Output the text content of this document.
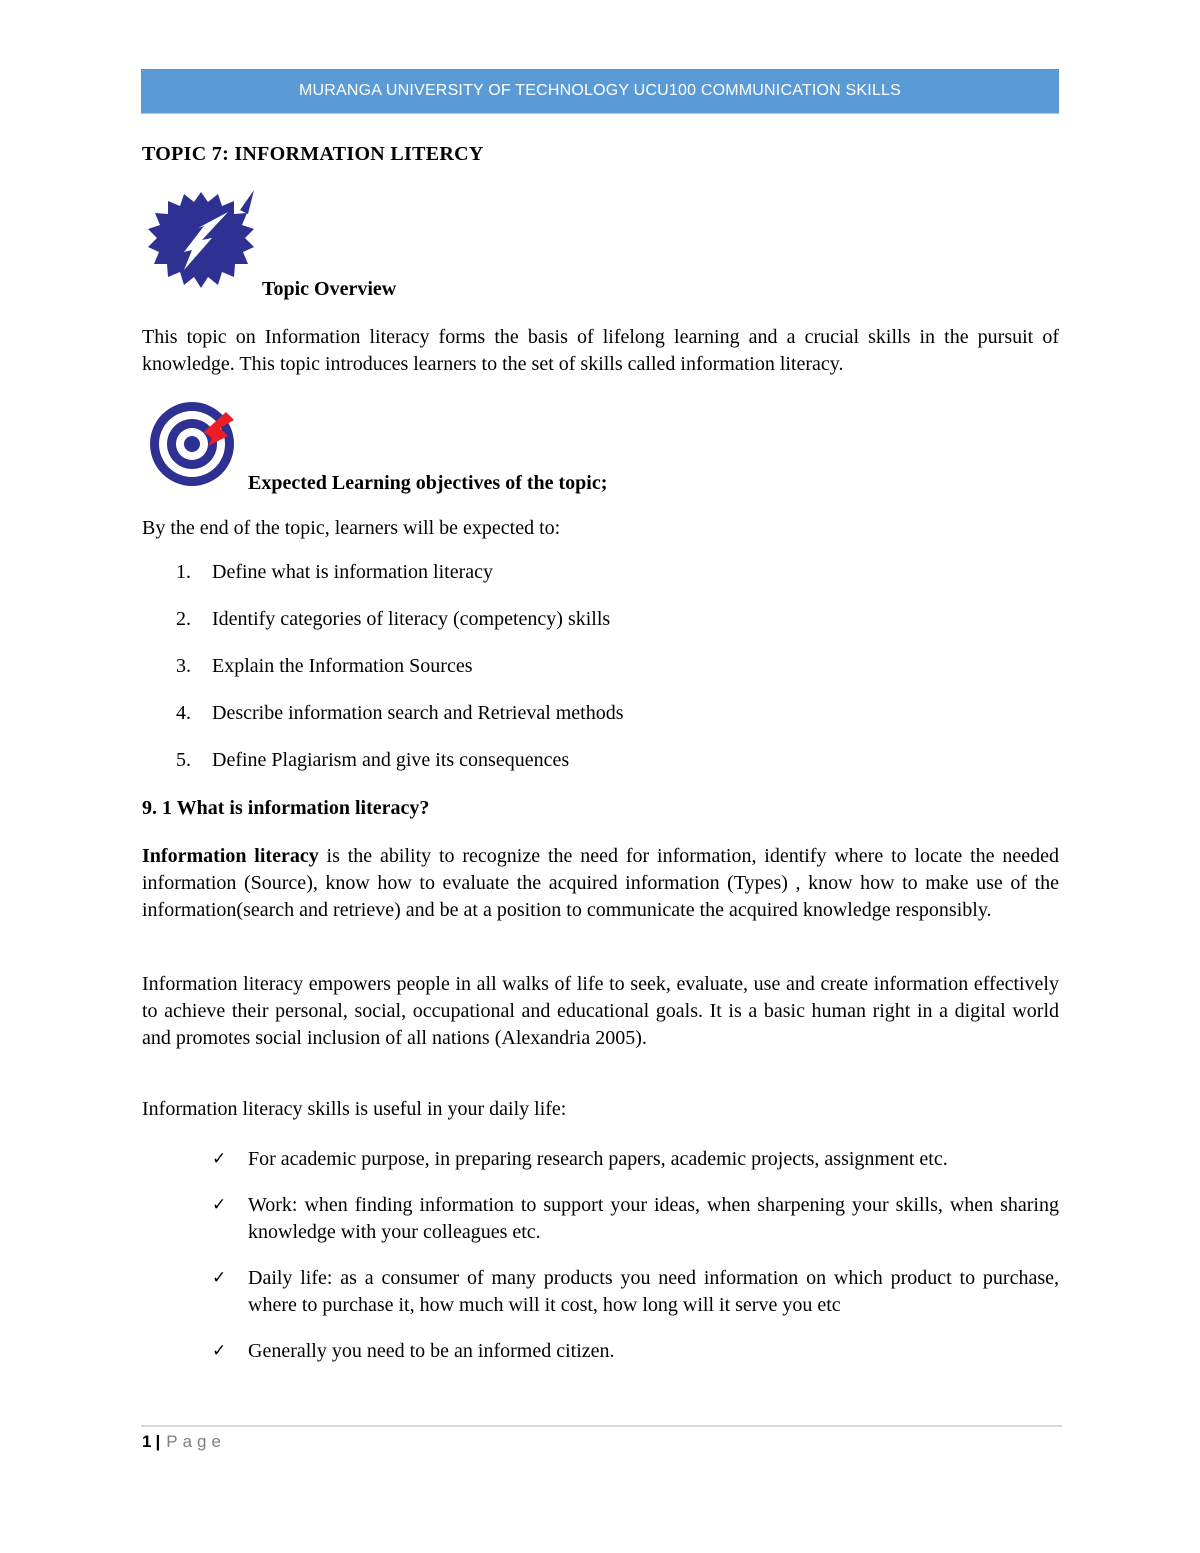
MURANGA UNIVERSITY OF TECHNOLOGY UCU100 COMMUNICATION SKILLS
TOPIC 7: INFORMATION LITERCY
Topic Overview
This topic on Information literacy forms the basis of lifelong learning and a crucial skills in the pursuit of knowledge. This topic introduces learners to the set of skills called information literacy.
Expected Learning objectives of the topic;
By the end of the topic, learners will be expected to:
1.	Define what is information literacy
2.	Identify categories of literacy (competency) skills
3.	Explain the Information Sources
4.	Describe information search and Retrieval methods
5.	Define Plagiarism and give its consequences
9. 1 What is information literacy?
Information literacy is the ability to recognize the need for information, identify where to locate the needed information (Source), know how to evaluate the acquired information (Types) , know how to make use of the information(search and retrieve) and be at a position to communicate the acquired knowledge responsibly.
Information literacy empowers people in all walks of life to seek, evaluate, use and create information effectively to achieve their personal, social, occupational and educational goals. It is a basic human right in a digital world and promotes social inclusion of all nations (Alexandria 2005).
Information literacy skills is useful in your daily life:
✓	For academic purpose, in preparing research papers, academic projects, assignment etc.
✓	Work: when finding information to support your ideas, when sharpening your skills, when sharing knowledge with your colleagues etc.
✓	Daily life: as a consumer of many products you need information on which product to purchase, where to purchase it, how much will it cost, how long will it serve you etc
✓	Generally you need to be an informed citizen.
1 | Page
